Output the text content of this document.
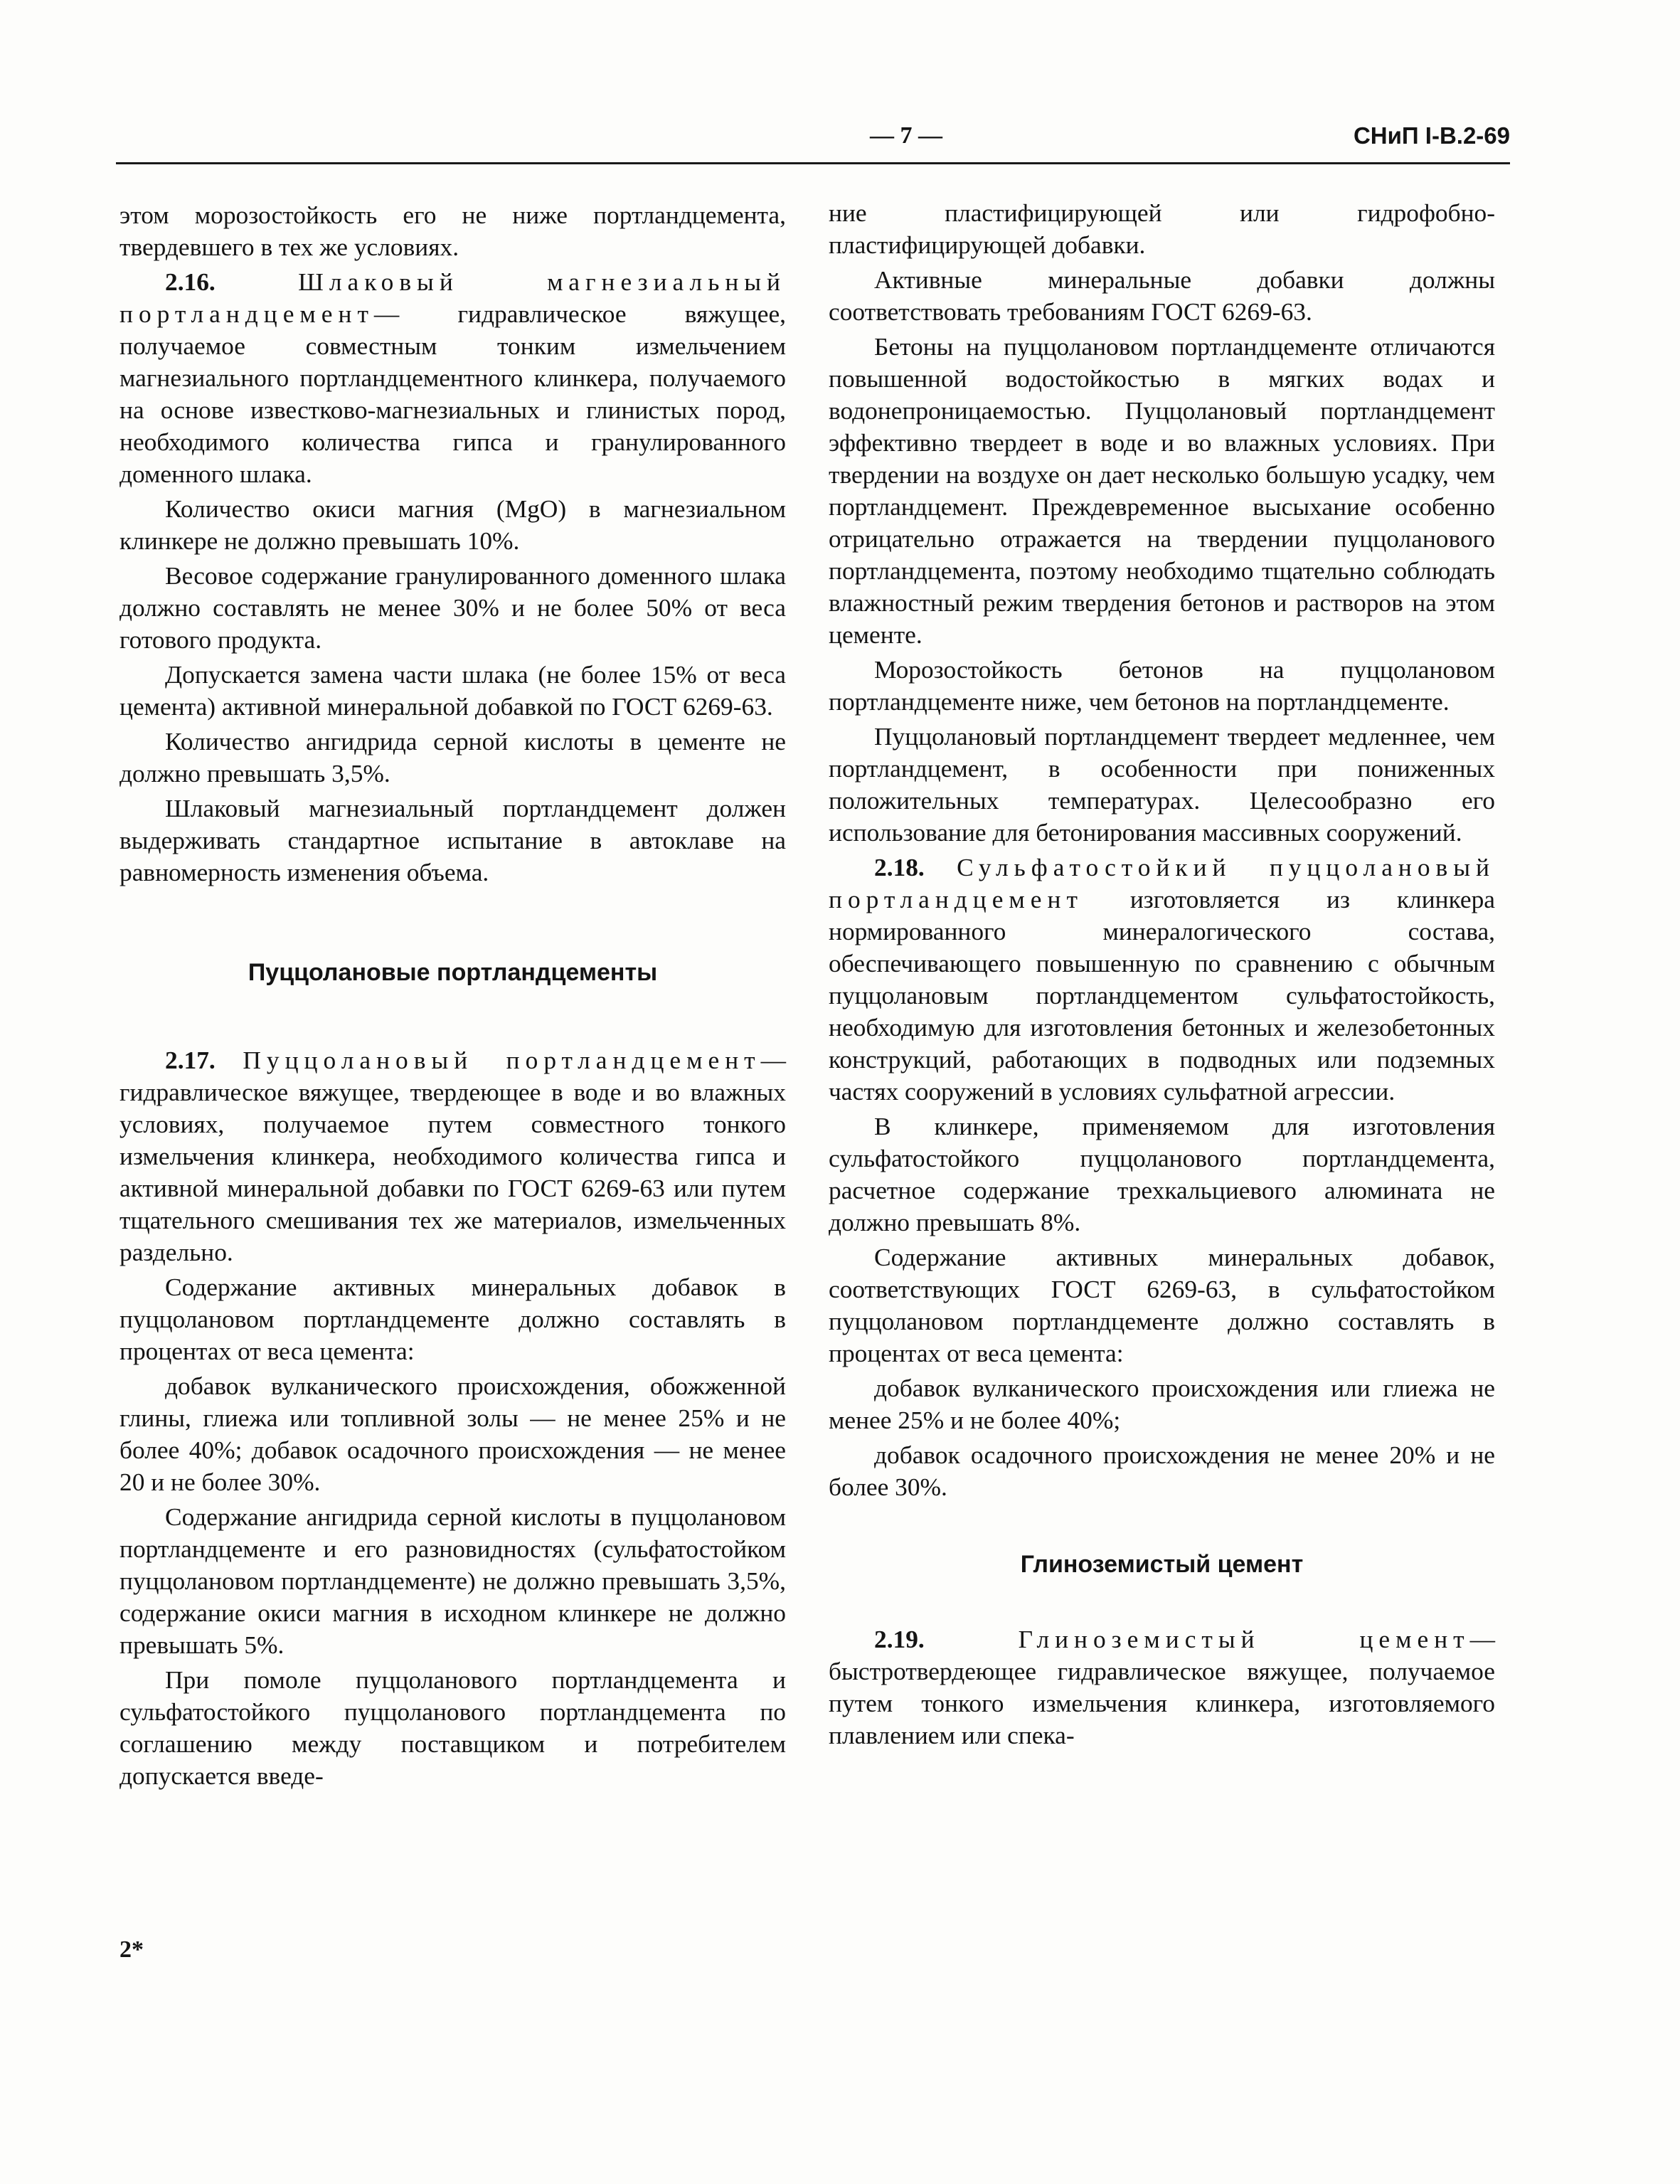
— 7 —	СНиП I-В.2-69

этом морозостойкость его не ниже портландцемента, твердевшего в тех же условиях.

2.16.	Шлаковый магнезиальный портландцемент— гидравлическое вяжущее, получаемое совместным тонким измельчением магнезиального портландцементного клинкера, получаемого на основе известково-магнезиальных и глинистых пород, необходимого количества гипса и гранулированного доменного шлака.

Количество окиси магния (MgO) в магнезиальном клинкере не должно превышать 10%.

Весовое содержание гранулированного доменного шлака должно составлять не менее 30% и не более 50% от веса готового продукта.

Допускается замена части шлака (не более 15% от веса цемента) активной минеральной добавкой по ГОСТ 6269-63.

Количество ангидрида серной кислоты в цементе не должно превышать 3,5%.

Шлаковый магнезиальный портландцемент должен выдерживать стандартное испытание в автоклаве на равномерность изменения объема.

Пуццолановые портландцементы

2.17. Пуццолановый портландцемент— гидравлическое вяжущее, твердеющее в воде и во влажных условиях, получаемое путем совместного тонкого измельчения клинкера, необходимого количества гипса и активной минеральной добавки по ГОСТ 6269-63 или путем тщательного смешивания тех же материалов, измельченных раздельно.

Содержание активных минеральных добавок в пуццолановом портландцементе должно составлять в процентах от веса цемента:

добавок вулканического происхождения, обожженной глины, глиежа или топливной золы — не менее 25% и не более 40%; добавок осадочного происхождения — не менее 20 и не более 30%.

Содержание ангидрида серной кислоты в пуццолановом портландцементе и его разновидностях (сульфатостойком пуццолановом портландцементе) не должно превышать 3,5%, содержание окиси магния в исходном клинкере не должно превышать 5%.

При помоле пуццоланового портландцемента и сульфатостойкого пуццоланового портландцемента по соглашению между поставщиком и потребителем допускается введе-

ние пластифицирующей или гидрофобно-пластифицирующей добавки.

Активные минеральные добавки должны соответствовать требованиям ГОСТ 6269-63.

Бетоны на пуццолановом портландцементе отличаются повышенной водостойкостью в мягких водах и водонепроницаемостью. Пуццолановый портландцемент эффективно твердеет в воде и во влажных условиях. При твердении на воздухе он дает несколько большую усадку, чем портландцемент. Преждевременное высыхание особенно отрицательно отражается на твердении пуццоланового портландцемента, поэтому необходимо тщательно соблюдать влажностный режим твердения бетонов и растворов на этом цементе.

Морозостойкость бетонов на пуццолановом портландцементе ниже, чем бетонов на портландцементе.

Пуццолановый портландцемент твердеет медленнее, чем портландцемент, в особенности при пониженных положительных температурах. Целесообразно его использование для бетонирования массивных сооружений.

2.18. Сульфатостойкий пуццолановый портландцемент изготовляется из клинкера нормированного минералогического состава, обеспечивающего повышенную по сравнению с обычным пуццолановым портландцементом сульфатостойкость, необходимую для изготовления бетонных и железобетонных конструкций, работающих в подводных или подземных частях сооружений в условиях сульфатной агрессии.

В клинкере, применяемом для изготовления сульфатостойкого пуццоланового портландцемента, расчетное содержание трехкальциевого алюмината не должно превышать 8%.

Содержание активных минеральных добавок, соответствующих ГОСТ 6269-63, в сульфатостойком пуццолановом портландцементе должно составлять в процентах от веса цемента:

добавок вулканического происхождения или глиежа не менее 25% и не более 40%;

добавок осадочного происхождения не менее 20% и не более 30%.

Глиноземистый цемент

2.19.	Глиноземистый цемент— быстротвердеющее гидравлическое вяжущее, получаемое путем тонкого измельчения клинкера, изготовляемого плавлением или спека-

2*
